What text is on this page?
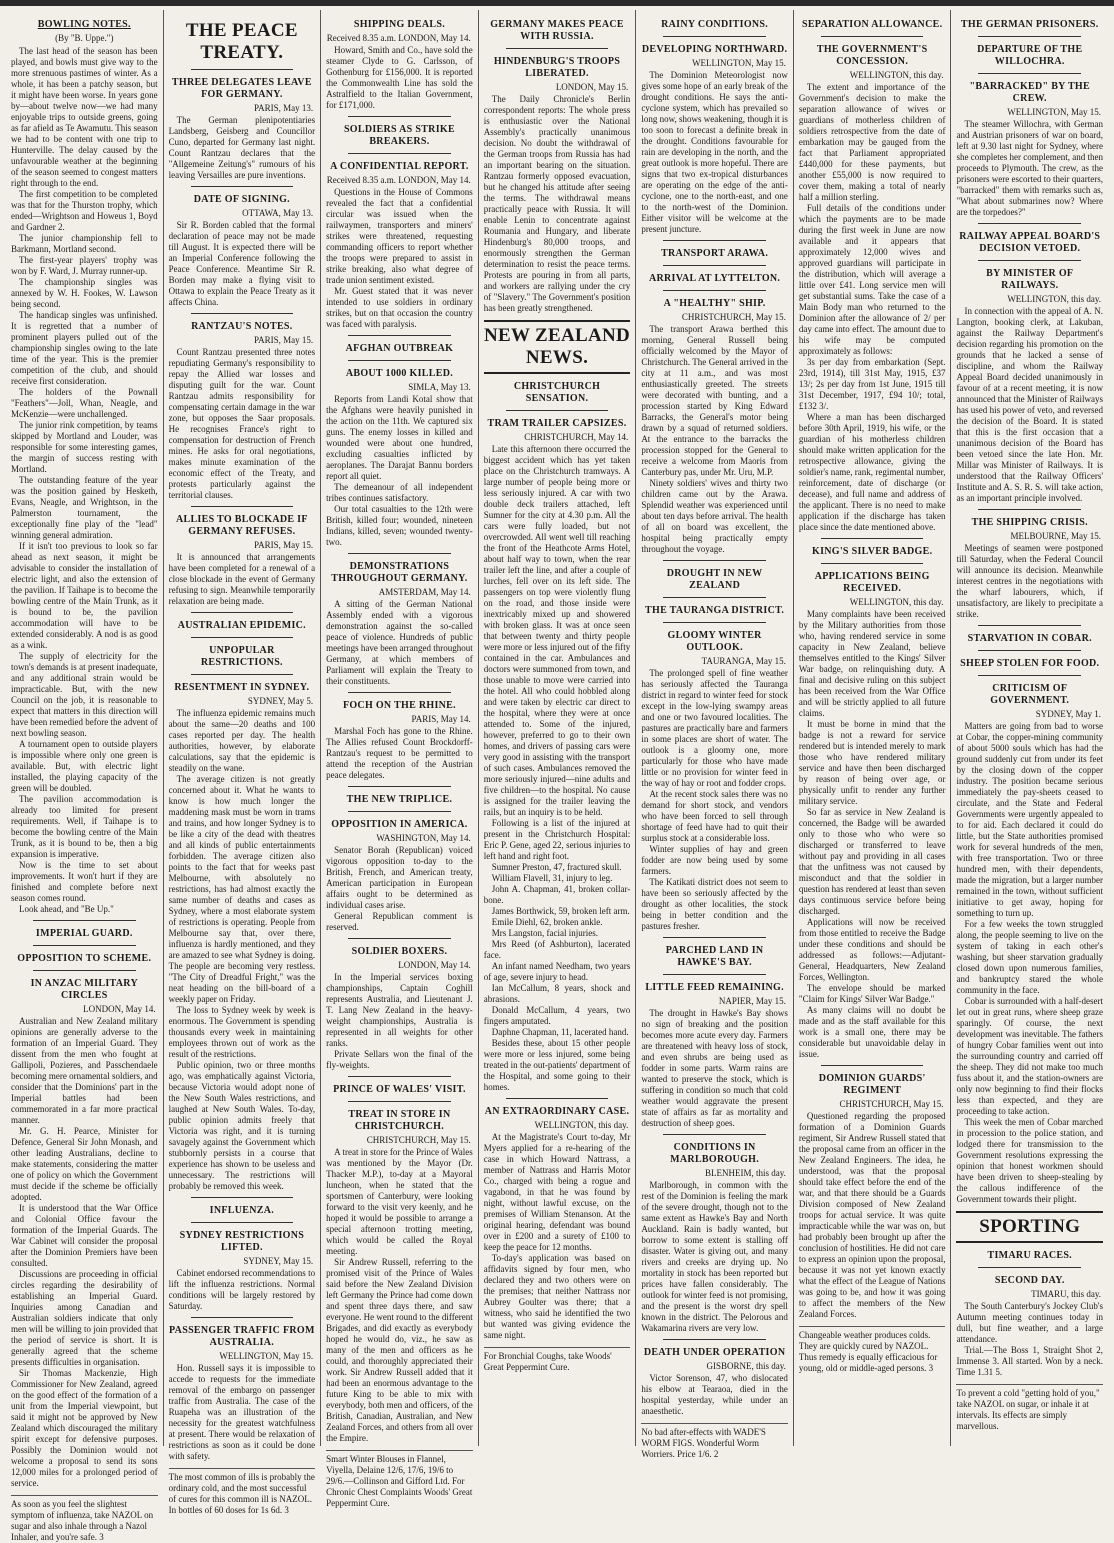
BOWLING NOTES.
(By "B. Uppe.")

The last head of the season has been played, and bowls must give way to the more strenuous pastimes of winter. As a whole, it has been a patchy season, but it might have been worse. In years gone by—about twelve now—we had many enjoyable trips to outside greens, going as far afield as Te Awamutu. This season we had to be content with one trip to Hunterville. The delay caused by the unfavourable weather at the beginning of the season seemed to congest matters right through to the end.

The first competition to be completed was that for the Thurston trophy, which ended—Wrightson and Howeus 1, Boyd and Gardner 2.

The junior championship fell to Barkmann, Mortland second.

The first-year players' trophy was won by F. Ward, J. Murray runner-up.

The championship singles was annexed by W. H. Fookes, W. Lawson being second.

The handicap singles was unfinished. It is regretted that a number of prominent players pulled out of the championship singles owing to the late time of the year. This is the premier competition of the club, and should receive first consideration.

The holders of the Pownall "Feathers"—Joll, Whan, Neagle, and McKenzie—were unchallenged.

The junior rink competition, by teams skipped by Mortland and Louder, was responsible for some interesting games, the margin of success resting with Mortland.

The outstanding feature of the year was the position gained by Hesketh, Evans, Neagle, and Wrightson, in the Palmerston tournament, the exceptionally fine play of the "lead" winning general admiration.

If it isn't too previous to look so far ahead as next season, it might be advisable to consider the installation of electric light, and also the extension of the pavilion. If Taihape is to become the bowling centre of the Main Trunk, as it is bound to be, the pavilion accommodation will have to be extended considerably. A nod is as good as a wink.

The supply of electricity for the town's demands is at present inadequate, and any additional strain would be impracticable. But, with the new Council on the job, it is reasonable to expect that matters in this direction will have been remedied before the advent of next bowling season.

A tournament open to outside players is impossible where only one green is available. But, with electric light installed, the playing capacity of the green will be doubled.

The pavilion accommodation is already too limited for present requirements. Well, if Taihape is to become the bowling centre of the Main Trunk, as it is bound to be, then a big expansion is imperative.

Now is the time to set about improvements. It won't hurt if they are finished and complete before next season comes round.

Look ahead, and "Be Up."

IMPERIAL GUARD.
OPPOSITION TO SCHEME.
IN ANZAC MILITARY CIRCLES
LONDON, May 14.

Australian and New Zealand military opinions are generally adverse to the formation of an Imperial Guard. They dissent from the men who fought at Gallipoli, Pozieres, and Passchendaele becoming mere ornamental soldiers, and consider that the Dominions' part in the Imperial battles had been commemorated in a far more practical manner.

Mr. G. H. Pearce, Minister for Defence, General Sir John Monash, and other leading Australians, decline to make statements, considering the matter one of policy on which the Government must decide if the scheme be officially adopted.

It is understood that the War Office and Colonial Office favour the formation of the Imperial Guards. The War Cabinet will consider the proposal after the Dominion Premiers have been consulted.

Discussions are proceeding in official circles regarding the desirability of establishing an Imperial Guard. Inquiries among Canadian and Australian soldiers indicate that only men will be willing to join provided that the period of service is short. It is generally agreed that the scheme presents difficulties in organisation.

Sir Thomas Mackenzie, High Commissioner for New Zealand, agreed on the good effect of the formation of a unit from the Imperial viewpoint, but said it might not be approved by New Zealand which discouraged the military spirit except for defensive purposes. Possibly the Dominion would not welcome a proposal to send its sons 12,000 miles for a prolonged period of service.

As soon as you feel the slightest symptom of influenza, take NAZOL on sugar and also inhale through a Nazol Inhaler, and you're safe. 3

THE PEACE TREATY.
THREE DELEGATES LEAVE FOR GERMANY.
PARIS, May 13.

The German plenipotentiaries Landsberg, Geisberg and Councillor Cuno, departed for Germany last night. Count Rantzau declares that the "Allgemeine Zeitung's" rumours of his leaving Versailles are pure inventions.

DATE OF SIGNING.
OTTAWA, May 13.

Sir R. Borden cabled that the formal declaration of peace may not be made till August. It is expected there will be an Imperial Conference following the Peace Conference. Meantime Sir R. Borden may make a flying visit to Ottawa to explain the Peace Treaty as it affects China.

RANTZAU'S NOTES.
PARIS, May 15.

Count Rantzau presented three notes repudiating Germany's responsibility to repay the Allied war losses and disputing guilt for the war. Count Rantzau admits responsibility for compensating certain damage in the war zone, but opposes the Saar proposals. He recognises France's right to compensation for destruction of French mines. He asks for oral negotiations, makes minute examination of the economic effect of the Treaty, and protests particularly against the territorial clauses.

ALLIES TO BLOCKADE IF GERMANY REFUSES.
PARIS, May 15.

It is announced that arrangements have been completed for a renewal of a close blockade in the event of Germany refusing to sign. Meanwhile temporarily relaxation are being made.

AUSTRALIAN EPIDEMIC.
UNPOPULAR RESTRICTIONS.
RESENTMENT IN SYDNEY.
SYDNEY, May 5.

The influenza epidemic remains much about the same—20 deaths and 100 cases reported per day. The health authorities, however, by elaborate calculations, say that the epidemic is steadily on the wane.

The average citizen is not greatly concerned about it. What he wants to know is how much longer the maddening mask must be worn in trams and trains, and how longer Sydney is to be like a city of the dead with theatres and all kinds of public entertainments forbidden. The average citizen also points to the fact that for weeks past Melbourne, with absolutely no restrictions, has had almost exactly the same number of deaths and cases as Sydney, where a most elaborate system of restrictions is operating. People from Melbourne say that, over there, influenza is hardly mentioned, and they are amazed to see what Sydney is doing. The people are becoming very restless. "The City of Dreadful Fright," was the neat heading on the bill-board of a weekly paper on Friday.

The loss to Sydney week by week is enormous. The Government is spending thousands every week in maintaining employees thrown out of work as the result of the restrictions.

Public opinion, two or three months ago, was emphatically against Victoria, because Victoria would adopt none of the New South Wales restrictions, and laughed at New South Wales. To-day, public opinion admits freely that Victoria was right, and it is turning savagely against the Government which stubbornly persists in a course that experience has shown to be useless and unnecessary. The restrictions will probably be removed this week.

INFLUENZA.
SYDNEY RESTRICTIONS LIFTED.
SYDNEY, May 15.

Cabinet endorsed recommendations to lift the influenza restrictions. Normal conditions will be largely restored by Saturday.

PASSENGER TRAFFIC FROM AUSTRALIA.
WELLINGTON, May 15.

Hon. Russell says it is impossible to accede to requests for the immediate removal of the embargo on passenger traffic from Australia. The case of the Ruapeha was an illustration of the necessity for the greatest watchfulness at present. There would be relaxation of restrictions as soon as it could be done with safety.

The most common of ills is probably the ordinary cold, and the most successful of cures for this common ill is NAZOL. In bottles of 60 doses for 1s 6d. 3

SHIPPING DEALS.
Received 8.35 a.m. LONDON, May 14.

Howard, Smith and Co., have sold the steamer Clyde to G. Carlsson, of Gothenburg for £156,000. It is reported the Commonwealth Line has sold the Astralfield to the Italian Government, for £171,000.

SOLDIERS AS STRIKE BREAKERS.
A CONFIDENTIAL REPORT.
Received 8.35 a.m. LONDON, May 14.

Questions in the House of Commons revealed the fact that a confidential circular was issued when the railwaymen, transporters and miners' strikes were threatened, requesting commanding officers to report whether the troops were prepared to assist in strike breaking, also what degree of trade union sentiment existed.

Mr. Guest stated that it was never intended to use soldiers in ordinary strikes, but on that occasion the country was faced with paralysis.

AFGHAN OUTBREAK
ABOUT 1000 KILLED.
SIMLA, May 13.

Reports from Landi Kotal show that the Afghans were heavily punished in the action on the 11th. We captured six guns. The enemy losses in killed and wounded were about one hundred, excluding casualties inflicted by aeroplanes. The Darajat Bannu borders report all quiet.

The demeanour of all independent tribes continues satisfactory.

Our total casualties to the 12th were British, killed four; wounded, nineteen Indians, killed, seven; wounded twenty-two.

DEMONSTRATIONS THROUGHOUT GERMANY.
AMSTERDAM, May 14.

A sitting of the German National Assembly ended with a vigorous demonstration against the so-called peace of violence. Hundreds of public meetings have been arranged throughout Germany, at which members of Parliament will explain the Treaty to their constituents.

FOCH ON THE RHINE.
PARIS, May 14.

Marshal Foch has gone to the Rhine. The Allies refused Count Brockdorff-Rantzau's request to be permitted to attend the reception of the Austrian peace delegates.

THE NEW TRIPLICE.
OPPOSITION IN AMERICA.
WASHINGTON, May 14.

Senator Borah (Republican) voiced vigorous opposition to-day to the British, French, and American treaty, American participation in European affairs ought to be determined as individual cases arise.

General Republican comment is reserved.

SOLDIER BOXERS.
LONDON, May 14.

In the Imperial services boxing championships, Captain Coghill represents Australia, and Lieutenant J. T. Lang New Zealand in the heavy-weight championships, Australia is represented in all weights for other ranks.

Private Sellars won the final of the fly-weights.

PRINCE OF WALES' VISIT.
TREAT IN STORE IN CHRISTCHURCH.
CHRISTCHURCH, May 15.

A treat in store for the Prince of Wales was mentioned by the Mayor (Dr. Thacker M.P.), to-day at a Mayoral luncheon, when he stated that the sportsmen of Canterbury, were looking forward to the visit very keenly, and he hoped it would be possible to arrange a special afternoon trotting meeting, which would be called the Royal meeting.

Sir Andrew Russell, referring to the promised visit of the Prince of Wales said before the New Zealand Division left Germany the Prince had come down and spent three days there, and saw everyone. He went round to the different Brigades, and did exactly as everybody hoped he would do, viz., he saw as many of the men and officers as he could, and thoroughly appreciated their work. Sir Andrew Russell added that it had been an enormous advantage to the future King to be able to mix with everybody, both men and officers, of the British, Canadian, Australian, and New Zealand Forces, and others from all over the Empire.

Smart Winter Blouses in Flannel, Viyella, Delaine 12/6, 17/6, 19/6 to 29/6.—Collinson and Gifford Ltd. For Chronic Chest Complaints Woods' Great Peppermint Cure.

GERMANY MAKES PEACE WITH RUSSIA.
HINDENBURG'S TROOPS LIBERATED.
LONDON, May 15.

The Daily Chronicle's Berlin correspondent reports: The whole press is enthusiastic over the National Assembly's practically unanimous decision. No doubt the withdrawal of the German troops from Russia has had an important bearing on the situation. Rantzau formerly opposed evacuation, but he changed his attitude after seeing the terms. The withdrawal means practically peace with Russia. It will enable Lenin to concentrate against Roumania and Hungary, and liberate Hindenburg's 80,000 troops, and enormously strengthen the German determination to resist the peace terms. Protests are pouring in from all parts, and workers are rallying under the cry of "Slavery." The Government's position has been greatly strengthened.

NEW ZEALAND NEWS.
CHRISTCHURCH SENSATION.
TRAM TRAILER CAPSIZES.
CHRISTCHURCH, May 14.

Late this afternoon there occurred the biggest accident which has yet taken place on the Christchurch tramways. A large number of people being more or less seriously injured. A car with two double deck trailers attached, left Sumner for the city at 4.30 p.m. All the cars were fully loaded, but not overcrowded. All went well till reaching the front of the Heathcote Arms Hotel, about half way to town, when the rear trailer left the line, and after a couple of lurches, fell over on its left side. The passengers on top were violently flung on the road, and those inside were inextricably mixed up and showered with broken glass. It was at once seen that between twenty and thirty people were more or less injured out of the fifty contained in the car. Ambulances and doctors were summoned from town, and those unable to move were carried into the hotel. All who could hobbled along and were taken by electric car direct to the hospital, where they were at once attended to. Some of the injured, however, preferred to go to their own homes, and drivers of passing cars were very good in assisting with the transport of such cases. Ambulances removed the more seriously injured—nine adults and five children—to the hospital. No cause is assigned for the trailer leaving the rails, but an inquiry is to be held.

Following is a list of the injured at present in the Christchurch Hospital: Eric P. Gene, aged 22, serious injuries to left hand and right foot.

Sumner Preston, 47, fractured skull.

William Flavell, 31, injury to leg.

John A. Chapman, 41, broken collar-bone.

James Borthwick, 59, broken left arm.

Emile Diehl, 62, broken ankle.

Mrs Langston, facial injuries.

Mrs Reed (of Ashburton), lacerated face.

An infant named Needham, two years of age, severe injury to head.

Ian McCallum, 8 years, shock and abrasions.

Donald McCallum, 4 years, two fingers amputated.

Daphne Chapman, 11, lacerated hand.

Besides these, about 15 other people were more or less injured, some being treated in the out-patients' department of the Hospital, and some going to their homes.

AN EXTRAORDINARY CASE.
WELLINGTON, this day.

At the Magistrate's Court to-day, Mr Myers applied for a re-hearing of the case in which Howard Nattrass, a member of Nattrass and Harris Motor Co., charged with being a rogue and vagabond, in that he was found by night, without lawful excuse, on the premises of William Stenanson. At the original hearing, defendant was bound over in £200 and a surety of £100 to keep the peace for 12 months.

To-day's application was based on affidavits signed by four men, who declared they and two others were on the premises; that neither Nattrass nor Aubrey Goulter was there; that a witness, who said he identified the two but wanted was giving evidence the same night.

For Bronchial Coughs, take Woods' Great Peppermint Cure.

RAINY CONDITIONS.
DEVELOPING NORTHWARD.
WELLINGTON, May 15.

The Dominion Meteorologist now gives some hope of an early break of the drought conditions. He says the anti-cyclone system, which has prevailed so long now, shows weakening, though it is too soon to forecast a definite break in the drought. Conditions favourable for rain are developing in the north, and the great outlook is more hopeful. There are signs that two ex-tropical disturbances are operating on the edge of the anti-cyclone, one to the north-east, and one to the north-west of the Dominion. Either visitor will be welcome at the present juncture.

TRANSPORT ARAWA.
ARRIVAL AT LYTTELTON.
A "HEALTHY" SHIP.
CHRISTCHURCH, May 15.

The transport Arawa berthed this morning, General Russell being officially welcomed by the Mayor of Christchurch. The General arrived in the city at 11 a.m., and was most enthusiastically greeted. The streets were decorated with bunting, and a procession started by King Edward Barracks, the General's motor being drawn by a squad of returned soldiers. At the entrance to the barracks the procession stopped for the General to receive a welcome from Maoris from Canterbury pas, under Mr. Uru, M.P.

Ninety soldiers' wives and thirty two children came out by the Arawa. Splendid weather was experienced until about ten days before arrival. The health of all on board was excellent, the hospital being practically empty throughout the voyage.

DROUGHT IN NEW ZEALAND
THE TAURANGA DISTRICT.
GLOOMY WINTER OUTLOOK.
TAURANGA, May 15.

The prolonged spell of fine weather has seriously affected the Tauranga district in regard to winter feed for stock except in the low-lying swampy areas and one or two favoured localities. The pastures are practically bare and farmers in some places are short of water. The outlook is a gloomy one, more particularly for those who have made little or no provision for winter feed in the way of hay or root and fodder crops.

At the recent stock sales there was no demand for short stock, and vendors who have been forced to sell through shortage of feed have had to quit their surplus stock at a considerable loss.

Winter supplies of hay and green fodder are now being used by some farmers.

The Katikati district does not seem to have been so seriously affected by the drought as other localities, the stock being in better condition and the pastures fresher.

PARCHED LAND IN HAWKE'S BAY.
LITTLE FEED REMAINING.
NAPIER, May 15.

The drought in Hawke's Bay shows no sign of breaking and the position becomes more acute every day. Farmers are threatened with heavy loss of stock, and even shrubs are being used as fodder in some parts. Warm rains are wanted to preserve the stock, which is suffering in condition so much that cold weather would aggravate the present state of affairs as far as mortality and destruction of sheep goes.

CONDITIONS IN MARLBOROUGH.
BLENHEIM, this day.

Marlborough, in common with the rest of the Dominion is feeling the mark of the severe drought, though not to the same extent as Hawke's Bay and North Auckland. Rain is badly wanted, but borrow to some extent is stalling off disaster. Water is giving out, and many rivers and creeks are drying up. No mortality in stock has been reported but prices have fallen considerably. The outlook for winter feed is not promising, and the present is the worst dry spell known in the district. The Pelorous and Wakamarina rivers are very low.

DEATH UNDER OPERATION
GISBORNE, this day.

Victor Sorenson, 47, who dislocated his elbow at Tearaoa, died in the hospital yesterday, while under an anaesthetic.

No bad after-effects with WADE'S WORM FIGS. Wonderful Worm Worriers. Price 1/6. 2

SEPARATION ALLOWANCE.
THE GOVERNMENT'S CONCESSION.
WELLINGTON, this day.

The extent and importance of the Government's decision to make the separation allowance of wives or guardians of motherless children of soldiers retrospective from the date of embarkation may be gauged from the fact that Parliament appropriated £440,000 for these payments, but another £55,000 is now required to cover them, making a total of nearly half a million sterling.

Full details of the conditions under which the payments are to be made during the first week in June are now available and it appears that approximately 12,000 wives and approved guardians will participate in the distribution, which will average a little over £41. Long service men will get substantial sums. Take the case of a Main Body man who returned to the Dominion after the allowance of 2/ per day came into effect. The amount due to his wife may be computed approximately as follows:

3s per day from embarkation (Sept. 23rd, 1914), till 31st May, 1915, £37 13/; 2s per day from 1st June, 1915 till 31st December, 1917, £94 10/; total, £132 3/.

Where a man has been discharged before 30th April, 1919, his wife, or the guardian of his motherless children should make written application for the retrospective allowance, giving the soldier's name, rank, regimental number, reinforcement, date of discharge (or decease), and full name and address of the applicant. There is no need to make application if the discharge has taken place since the date mentioned above.

KING'S SILVER BADGE.
APPLICATIONS BEING RECEIVED.
WELLINGTON, this day.

Many complaints have been received by the Military authorities from those who, having rendered service in some capacity in New Zealand, believe themselves entitled to the Kings' Silver War badge, on relinquishing duty. A final and decisive ruling on this subject has been received from the War Office and will be strictly applied to all future claims.

It must be borne in mind that the badge is not a reward for service rendered but is intended merely to mark those who have rendered military service and have then been discharged by reason of being over age, or physically unfit to render any further military service.

So far as service in New Zealand is concerned, the Badge will be awarded only to those who who were so discharged or transferred to leave without pay and providing in all cases that the unfitness was not caused by misconduct and that the soldier in question has rendered at least than seven days continuous service before being discharged.

Applications will now be received from those entitled to receive the Badge under these conditions and should be addressed as follows:—Adjutant-General, Headquarters, New Zealand Forces, Wellington.

The envelope should be marked "Claim for Kings' Silver War Badge."

As many claims will no doubt be made and as the staff available for this work is a small one, there may be considerable but unavoidable delay in issue.

DOMINION GUARDS' REGIMENT
CHRISTCHURCH, May 15.

Questioned regarding the proposed formation of a Dominion Guards regiment, Sir Andrew Russell stated that the proposal came from an officer in the New Zealand Engineers. The idea, he understood, was that the proposal should take effect before the end of the war, and that there should be a Guards Division composed of New Zealand troops for actual service. It was quite impracticable while the war was on, but had probably been brought up after the conclusion of hostilities. He did not care to express an opinion upon the proposal, because it was not yet known exactly what the effect of the League of Nations was going to be, and how it was going to affect the members of the New Zealand Forces.

Changeable weather produces colds. They are quickly cured by NAZOL. Thus remedy is equally efficacious for young, old or middle-aged persons. 3

THE GERMAN PRISONERS.
DEPARTURE OF THE WILLOCHRA.
"BARRACKED" BY THE CREW.
WELLINGTON, May 15.

The steamer Willochra, with German and Austrian prisoners of war on board, left at 9.30 last night for Sydney, where she completes her complement, and then proceeds to Plymouth. The crew, as the prisoners were escorted to their quarters, "barracked" them with remarks such as, "What about submarines now? Where are the torpedoes?"

RAILWAY APPEAL BOARD'S DECISION VETOED.
BY MINISTER OF RAILWAYS.
WELLINGTON, this day.

In connection with the appeal of A. N. Langton, booking clerk, at Lakuban, against the Railway Department's decision regarding his promotion on the grounds that he lacked a sense of discipline, and whom the Railway Appeal Board decided unanimously in favour of at a recent meeting, it is now announced that the Minister of Railways has used his power of veto, and reversed the decision of the Board. It is stated that this is the first occasion that a unanimous decision of the Board has been vetoed since the late Hon. Mr. Millar was Minister of Railways. It is understood that the Railway Officers' Institute and A. S. R. S. will take action, as an important principle involved.

THE SHIPPING CRISIS.
MELBOURNE, May 15.

Meetings of seamen were postponed till Saturday, when the Federal Council will announce its decision. Meanwhile interest centres in the negotiations with the wharf labourers, which, if unsatisfactory, are likely to precipitate a strike.

STARVATION IN COBAR.
SHEEP STOLEN FOR FOOD.
CRITICISM OF GOVERNMENT.
SYDNEY, May 1.

Matters are going from bad to worse at Cobar, the copper-mining community of about 5000 souls which has had the ground suddenly cut from under its feet by the closing down of the copper industry. The position became serious immediately the pay-sheets ceased to circulate, and the State and Federal Governments were urgently appealed to to for aid. Each declared it could do little, but the State authorities promised work for several hundreds of the men, with free transportation. Two or three hundred men, with their dependents, made the migration, but a larger number remained in the town, without sufficient initiative to get away, hoping for something to turn up.

For a few weeks the town struggled along, the people seeming to live on the system of taking in each other's washing, but sheer starvation gradually closed down upon numerous families, and bankruptcy stared the whole community in the face.

Cobar is surrounded with a half-desert let out in great runs, where sheep graze sparingly. Of course, the next development was inevitable. The fathers of hungry Cobar families went out into the surrounding country and carried off the sheep. They did not make too much fuss about it, and the station-owners are only now beginning to find their flocks less than expected, and they are proceeding to take action.

This week the men of Cobar marched in procession to the police station, and lodged there for transmission to the Government resolutions expressing the opinion that honest workmen should have been driven to sheep-stealing by the callous indifference of the Government towards their plight.

SPORTING
TIMARU RACES.
SECOND DAY.
TIMARU, this day.

The South Canterbury's Jockey Club's Autumn meeting continues today in dull, but fine weather, and a large attendance.

Trial.—The Boss 1, Straight Shot 2, Immense 3. All started. Won by a neck. Time 1.31 5.

To prevent a cold "getting hold of you," take NAZOL on sugar, or inhale it at intervals. Its effects are simply marvellous.
